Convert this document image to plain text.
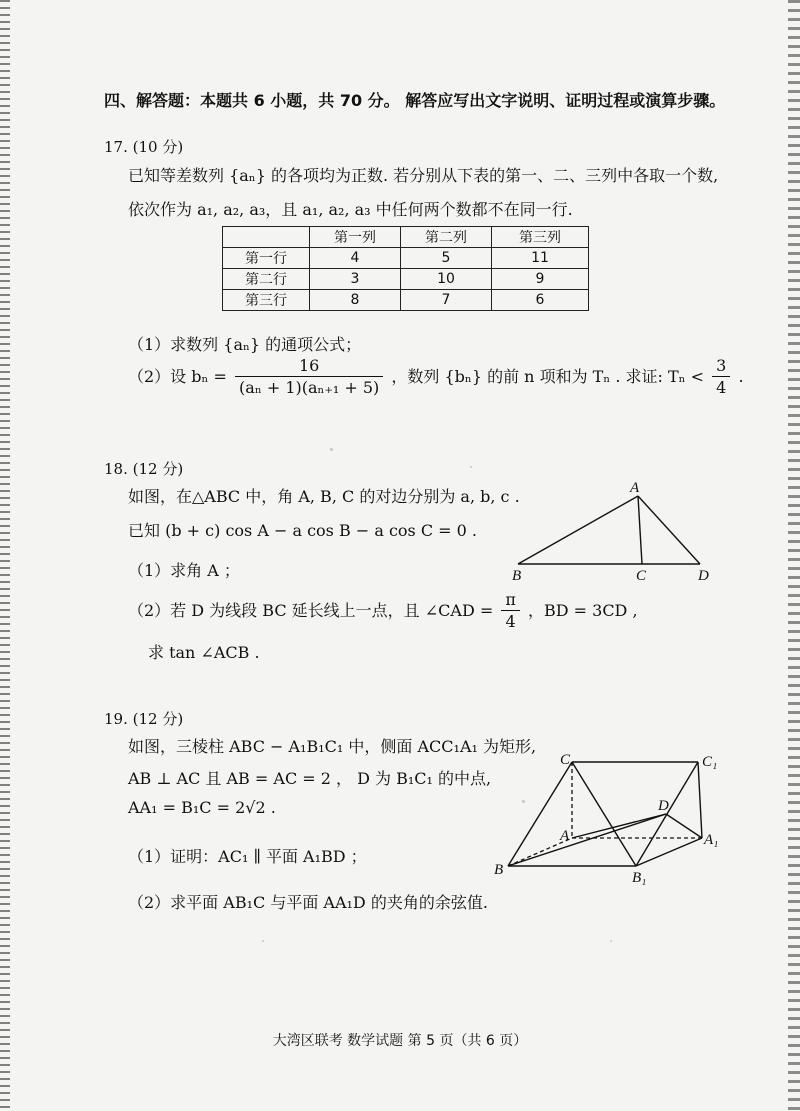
四、解答题：本题共 6 小题，共 70 分。 解答应写出文字说明、证明过程或演算步骤。
17. (10 分)
已知等差数列 {aₙ} 的各项均为正数. 若分别从下表的第一、二、三列中各取一个数,
依次作为 a₁, a₂, a₃，且 a₁, a₂, a₃ 中任何两个数都不在同一行.
	第一列	第二列	第三列
第一行	4	5	11
第二行	3	10	9
第三行	8	7	6
（1）求数列 {aₙ} 的通项公式；
（2）设 $b_n = \frac{16}{\text{(aₙ + 1)(aₙ₊₁ + 5)}}$ ，数列 {bₙ} 的前 n 项和为 Tₙ . 求证: $T_n < \frac{3}{4}$ .
18. (12 分)
如图，在△ABC 中，角 A, B, C 的对边分别为 a, b, c .
已知 (b + c) cos A − a cos B − a cos C = 0 .
（1）求角 A ；
（2）若 D 为线段 BC 延长线上一点，且 ∠CAD = $\frac{\pi}{4}$ ，BD = 3CD ,
求 tan ∠ACB .
A
B	C	D
19. (12 分)
如图，三棱柱 ABC − A₁B₁C₁ 中，侧面 ACC₁A₁ 为矩形,
AB ⊥ AC 且 AB = AC = 2 ， D 为 B₁C₁ 的中点,
AA₁ = B₁C = 2√2 .
（1）证明：AC₁ ∥ 平面 A₁BD ；
（2）求平面 AB₁C 与平面 AA₁D 的夹角的余弦值.
C	C₁
D
A	A₁
B	B₁
大湾区联考 数学试题 第 5 页（共 6 页）
